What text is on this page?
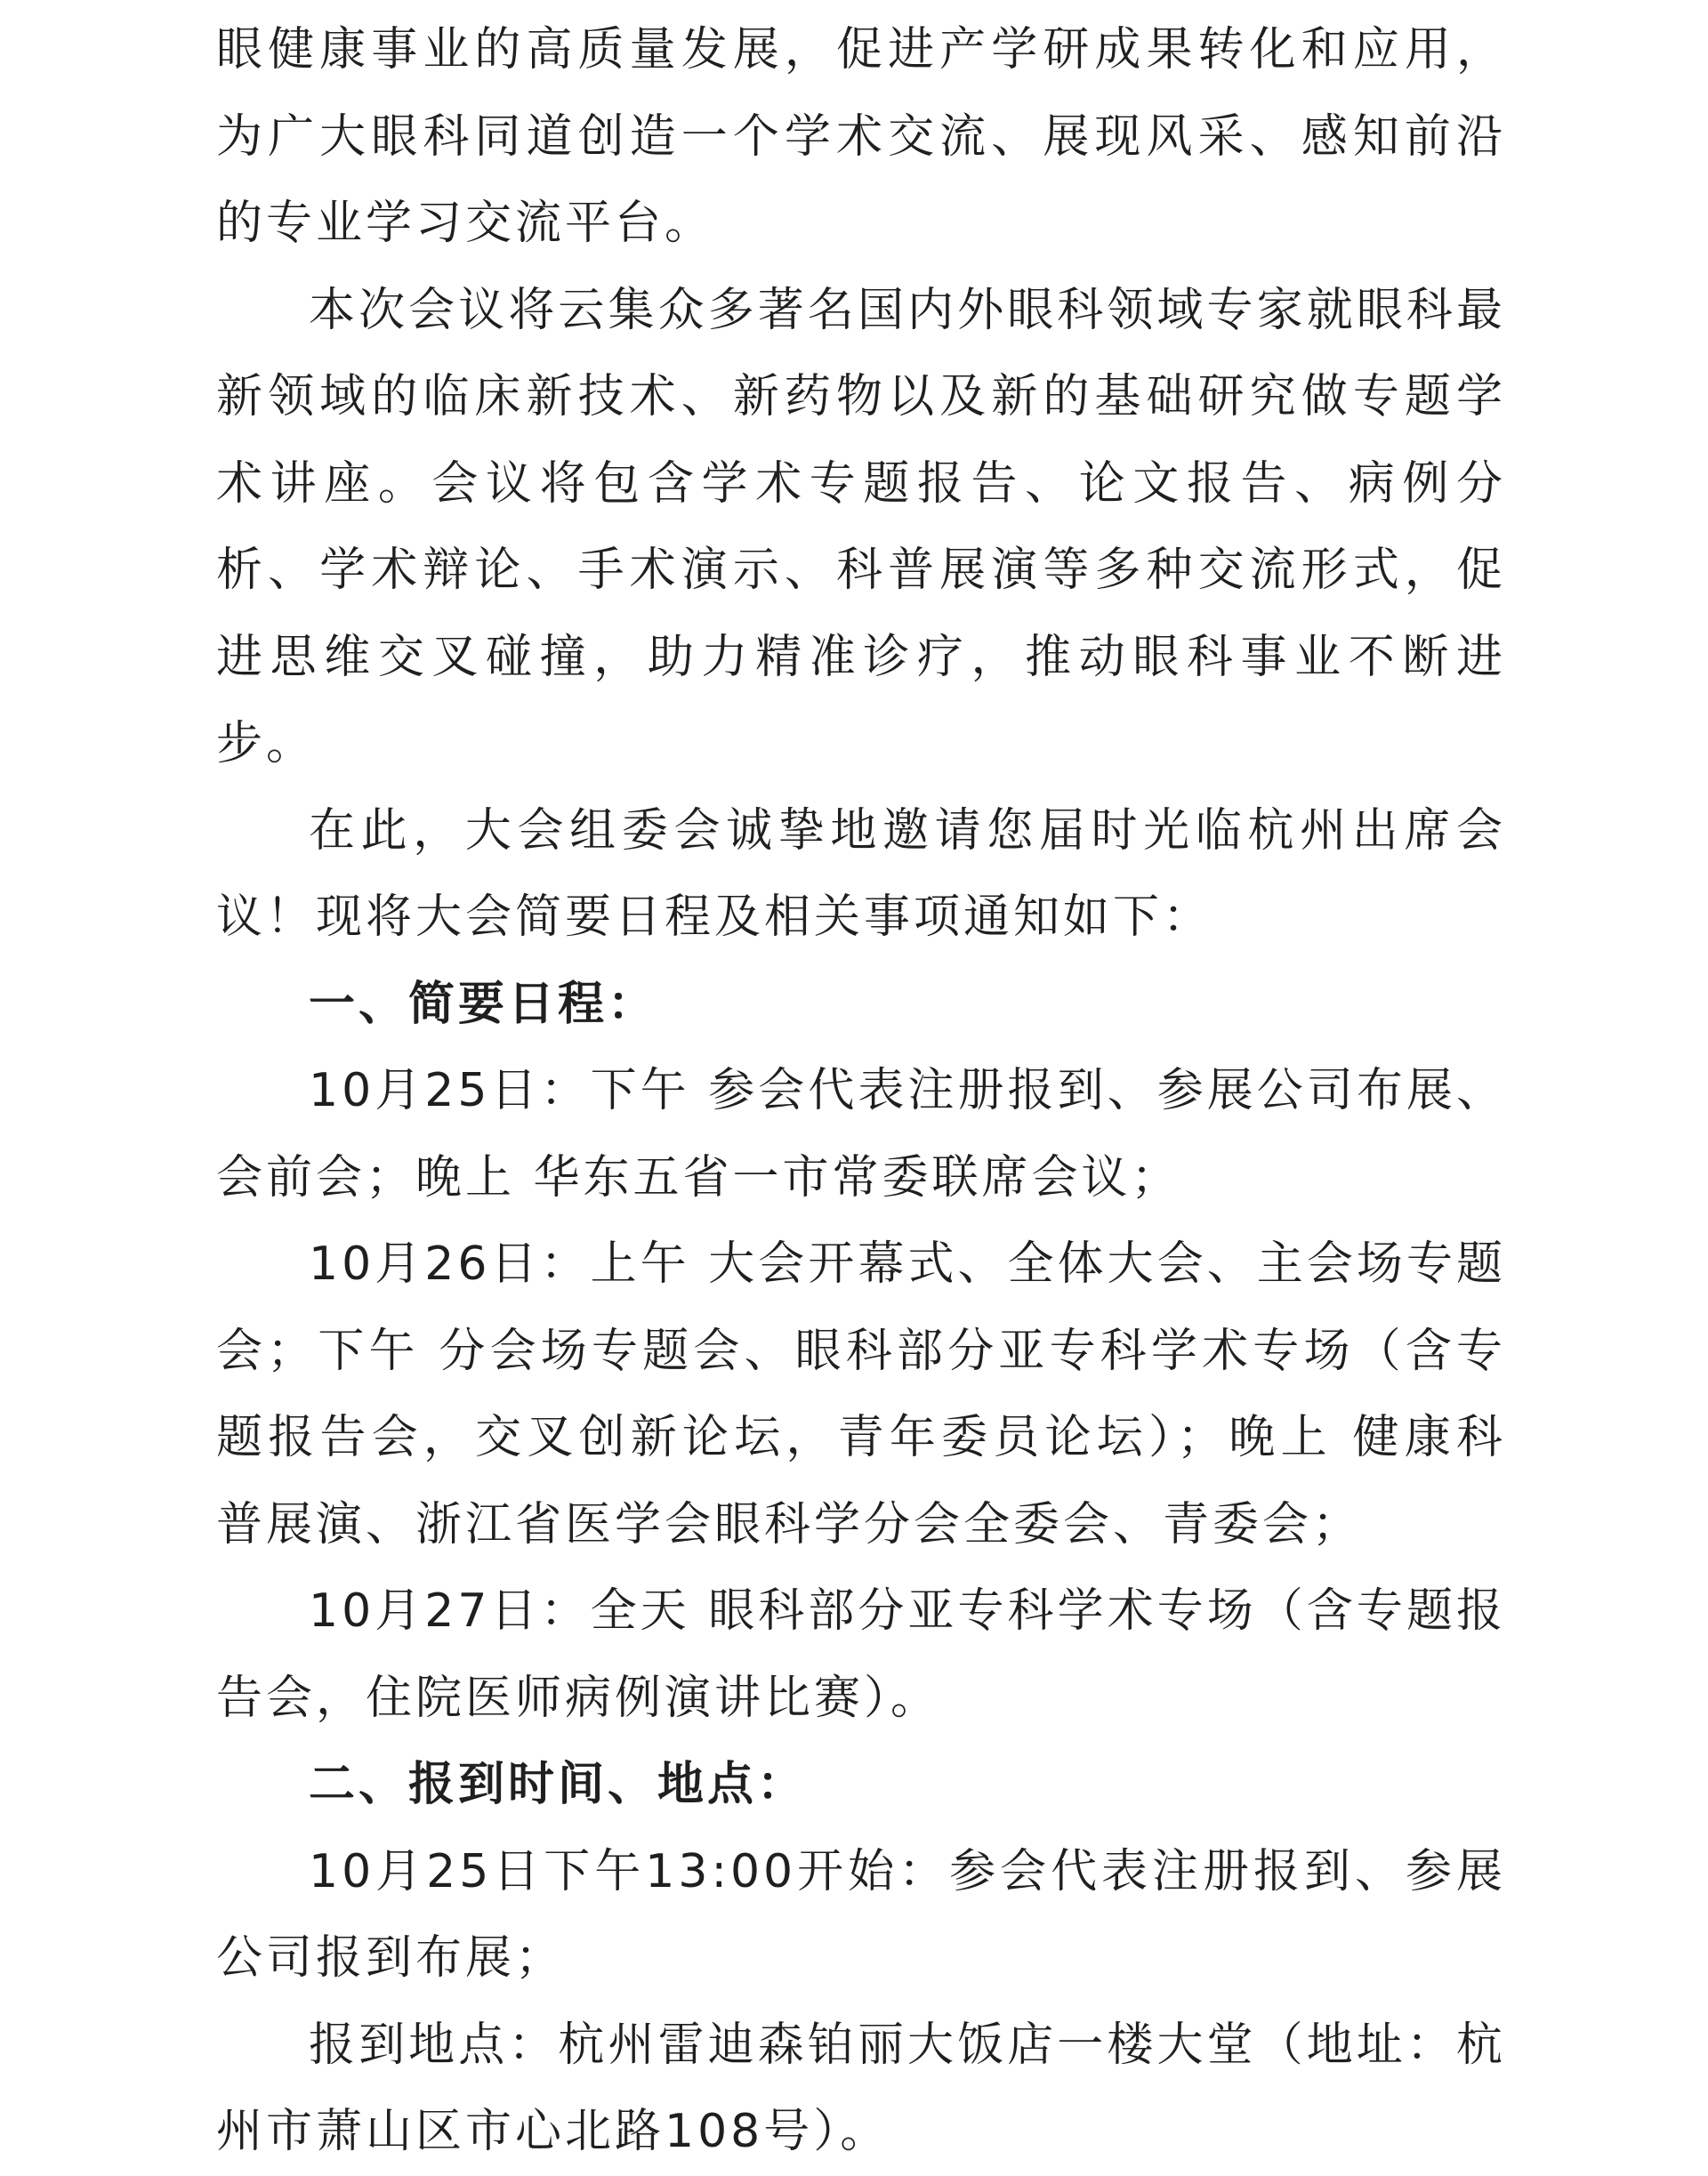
眼健康事业的高质量发展，促进产学研成果转化和应用，为广大眼科同道创造一个学术交流、展现风采、感知前沿的专业学习交流平台。

本次会议将云集众多著名国内外眼科领域专家就眼科最新领域的临床新技术、新药物以及新的基础研究做专题学术讲座。会议将包含学术专题报告、论文报告、病例分析、学术辩论、手术演示、科普展演等多种交流形式，促进思维交叉碰撞，助力精准诊疗，推动眼科事业不断进步。

在此，大会组委会诚挚地邀请您届时光临杭州出席会议！现将大会简要日程及相关事项通知如下：

一、简要日程：

10月25日：下午 参会代表注册报到、参展公司布展、会前会；晚上 华东五省一市常委联席会议；

10月26日：上午 大会开幕式、全体大会、主会场专题会；下午 分会场专题会、眼科部分亚专科学术专场（含专题报告会，交叉创新论坛，青年委员论坛）；晚上 健康科普展演、浙江省医学会眼科学分会全委会、青委会；

10月27日：全天 眼科部分亚专科学术专场（含专题报告会，住院医师病例演讲比赛）。

二、报到时间、地点：

10月25日下午13:00开始：参会代表注册报到、参展公司报到布展；

报到地点：杭州雷迪森铂丽大饭店一楼大堂（地址：杭州市萧山区市心北路108号）。
